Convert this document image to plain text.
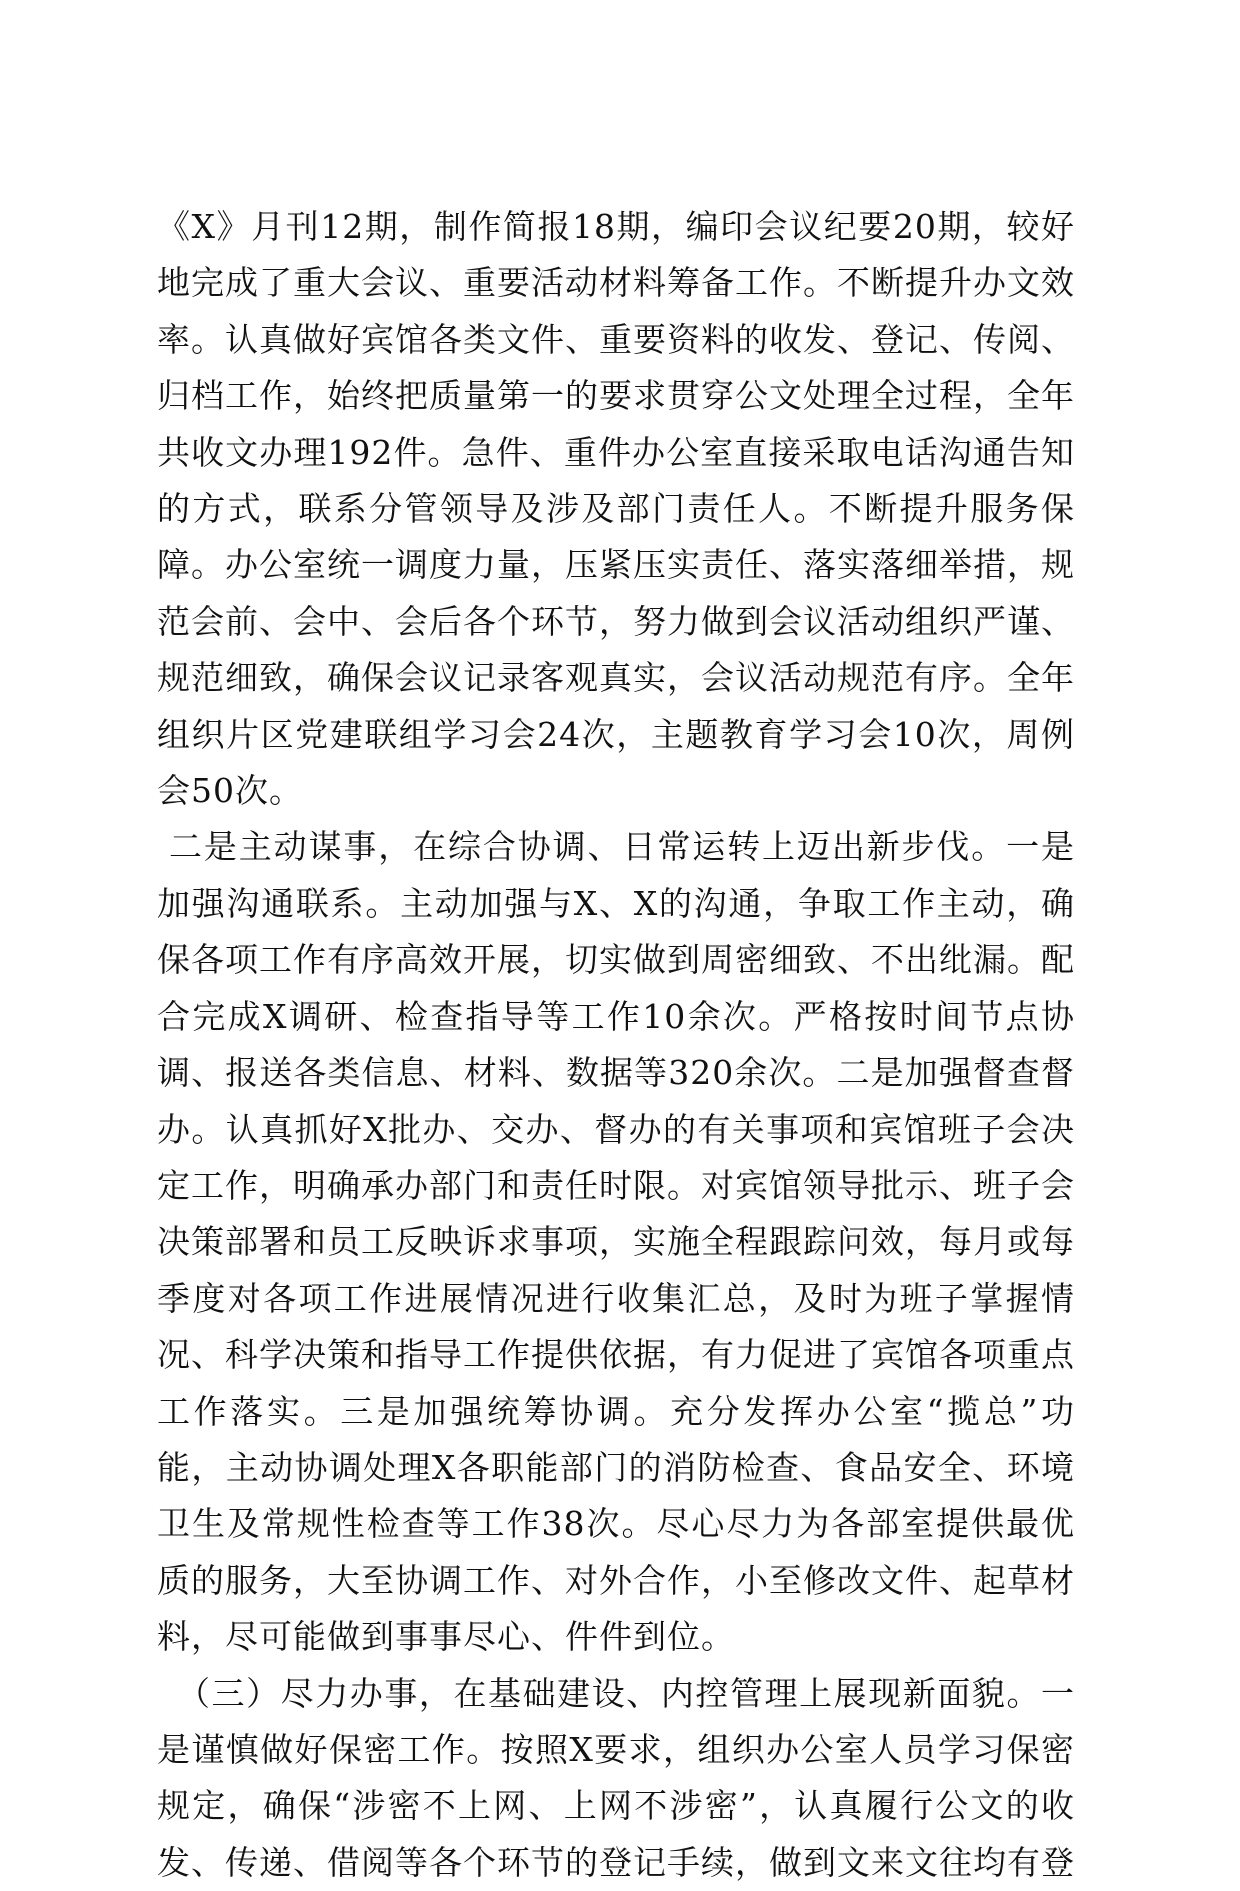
《X》月刊12期，制作简报18期，编印会议纪要20期，较好地完成了重大会议、重要活动材料筹备工作。不断提升办文效率。认真做好宾馆各类文件、重要资料的收发、登记、传阅、归档工作，始终把质量第一的要求贯穿公文处理全过程，全年共收文办理192件。急件、重件办公室直接采取电话沟通告知的方式，联系分管领导及涉及部门责任人。不断提升服务保障。办公室统一调度力量，压紧压实责任、落实落细举措，规范会前、会中、会后各个环节，努力做到会议活动组织严谨、规范细致，确保会议记录客观真实，会议活动规范有序。全年组织片区党建联组学习会24次，主题教育学习会10次，周例会50次。

二是主动谋事，在综合协调、日常运转上迈出新步伐。一是加强沟通联系。主动加强与X、X的沟通，争取工作主动，确保各项工作有序高效开展，切实做到周密细致、不出纰漏。配合完成X调研、检查指导等工作10余次。严格按时间节点协调、报送各类信息、材料、数据等320余次。二是加强督查督办。认真抓好X批办、交办、督办的有关事项和宾馆班子会决定工作，明确承办部门和责任时限。对宾馆领导批示、班子会决策部署和员工反映诉求事项，实施全程跟踪问效，每月或每季度对各项工作进展情况进行收集汇总，及时为班子掌握情况、科学决策和指导工作提供依据，有力促进了宾馆各项重点工作落实。三是加强统筹协调。充分发挥办公室“揽总”功能，主动协调处理X各职能部门的消防检查、食品安全、环境卫生及常规性检查等工作38次。尽心尽力为各部室提供最优质的服务，大至协调工作、对外合作，小至修改文件、起草材料，尽可能做到事事尽心、件件到位。

（三）尽力办事，在基础建设、内控管理上展现新面貌。一是谨慎做好保密工作。按照X要求，组织办公室人员学习保密规定，确保“涉密不上网、上网不涉密”，认真履行公文的收发、传递、借阅等各个环节的登记手续，做到文来文往均有登
